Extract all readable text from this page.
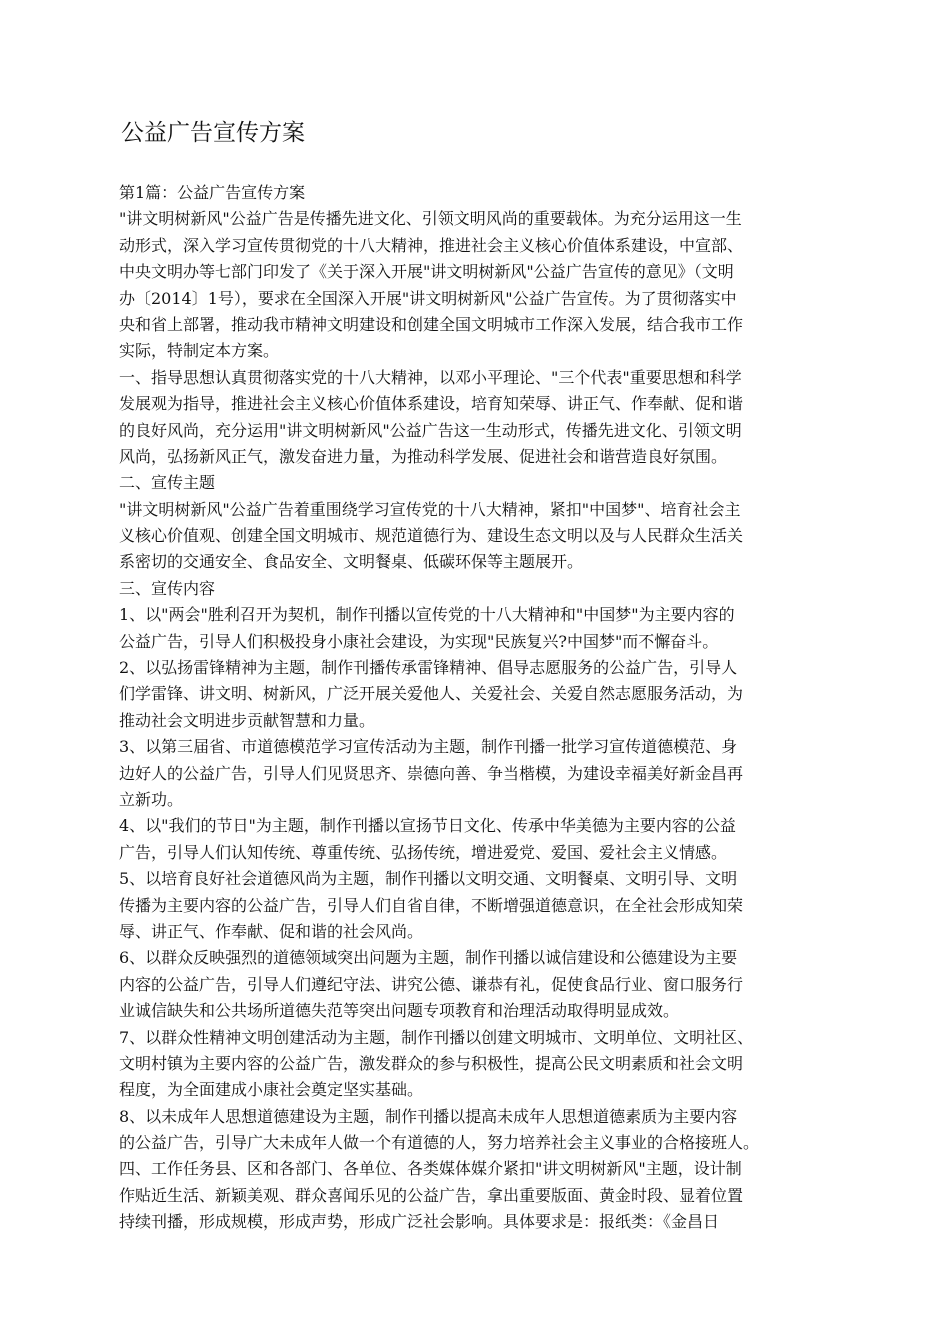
公益广告宣传方案
第1篇：公益广告宣传方案
"讲文明树新风"公益广告是传播先进文化、引领文明风尚的重要载体。为充分运用这一生
动形式，深入学习宣传贯彻党的十八大精神，推进社会主义核心价值体系建设，中宣部、
中央文明办等七部门印发了《关于深入开展"讲文明树新风"公益广告宣传的意见》（文明
办〔2014〕1号），要求在全国深入开展"讲文明树新风"公益广告宣传。为了贯彻落实中
央和省上部署，推动我市精神文明建设和创建全国文明城市工作深入发展，结合我市工作
实际，特制定本方案。
一、指导思想认真贯彻落实党的十八大精神，以邓小平理论、"三个代表"重要思想和科学
发展观为指导，推进社会主义核心价值体系建设，培育知荣辱、讲正气、作奉献、促和谐
的良好风尚，充分运用"讲文明树新风"公益广告这一生动形式，传播先进文化、引领文明
风尚，弘扬新风正气，激发奋进力量，为推动科学发展、促进社会和谐营造良好氛围。
二、宣传主题
"讲文明树新风"公益广告着重围绕学习宣传党的十八大精神，紧扣"中国梦"、培育社会主
义核心价值观、创建全国文明城市、规范道德行为、建设生态文明以及与人民群众生活关
系密切的交通安全、食品安全、文明餐桌、低碳环保等主题展开。
三、宣传内容
1、以"两会"胜利召开为契机，制作刊播以宣传党的十八大精神和"中国梦"为主要内容的
公益广告，引导人们积极投身小康社会建设，为实现"民族复兴?中国梦"而不懈奋斗。
2、以弘扬雷锋精神为主题，制作刊播传承雷锋精神、倡导志愿服务的公益广告，引导人
们学雷锋、讲文明、树新风，广泛开展关爱他人、关爱社会、关爱自然志愿服务活动，为
推动社会文明进步贡献智慧和力量。
3、以第三届省、市道德模范学习宣传活动为主题，制作刊播一批学习宣传道德模范、身
边好人的公益广告，引导人们见贤思齐、崇德向善、争当楷模，为建设幸福美好新金昌再
立新功。
4、以"我们的节日"为主题，制作刊播以宣扬节日文化、传承中华美德为主要内容的公益
广告，引导人们认知传统、尊重传统、弘扬传统，增进爱党、爱国、爱社会主义情感。
5、以培育良好社会道德风尚为主题，制作刊播以文明交通、文明餐桌、文明引导、文明
传播为主要内容的公益广告，引导人们自省自律，不断增强道德意识，在全社会形成知荣
辱、讲正气、作奉献、促和谐的社会风尚。
6、以群众反映强烈的道德领域突出问题为主题，制作刊播以诚信建设和公德建设为主要
内容的公益广告，引导人们遵纪守法、讲究公德、谦恭有礼，促使食品行业、窗口服务行
业诚信缺失和公共场所道德失范等突出问题专项教育和治理活动取得明显成效。
7、以群众性精神文明创建活动为主题，制作刊播以创建文明城市、文明单位、文明社区、
文明村镇为主要内容的公益广告，激发群众的参与积极性，提高公民文明素质和社会文明
程度，为全面建成小康社会奠定坚实基础。
8、以未成年人思想道德建设为主题，制作刊播以提高未成年人思想道德素质为主要内容
的公益广告，引导广大未成年人做一个有道德的人，努力培养社会主义事业的合格接班人。
四、工作任务县、区和各部门、各单位、各类媒体媒介紧扣"讲文明树新风"主题，设计制
作贴近生活、新颖美观、群众喜闻乐见的公益广告，拿出重要版面、黄金时段、显着位置
持续刊播，形成规模，形成声势，形成广泛社会影响。具体要求是：报纸类：《金昌日
